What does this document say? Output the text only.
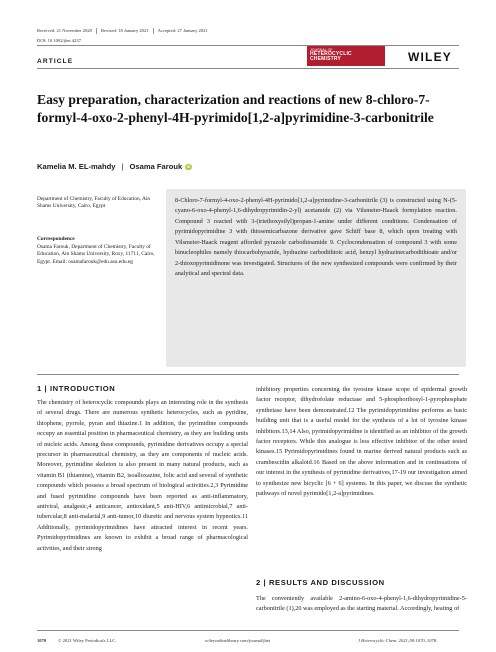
Received: 21 November 2020 Revised: 18 January 2021 Accepted: 27 January 2021
DOI: 10.1002/jhet.4237
ARTICLE
JOURNAL OF
HETEROCYCLIC
CHEMISTRY	WILEY
Easy preparation, characterization and reactions of new 8-chloro-7-formyl-4-oxo-2-phenyl-4H-pyrimido[1,2-a]pyrimidine-3-carbonitrile
Kamelia M. EL-mahdy | Osama Farouk iD
Department of Chemistry, Faculty of Education, Ain Shams University, Cairo, Egypt
Correspondence
Osama Farouk, Department of Chemistry, Faculty of Education, Ain Shams University, Roxy, 11711, Cairo, Egypt. Email: osamafarouk@edu.asu.edu.eg
8-Chloro-7-formyl-4-oxo-2-phenyl-4H-pyrimido[1,2-a]pyrimidine-3-carbonitrile (3) is constructed using N-(5-cyano-6-oxo-4-phenyl-1,6-dihydropyrimidin-2-yl) acetamide (2) via Vilsmeier-Haack formylation reaction. Compound 3 reacted with 3-(triethoxysilyl)propan-1-amine under different conditions. Condensation of pyrimidopyrimidine 3 with thiosemicarbazone derivative gave Schiff base 8, which upon treating with Vilsmeier-Haack reagent afforded pyrazole carbothioamide 9. Cyclocondensation of compound 3 with some binucleophiles namely thiocarbohyrazide, hydrazine carbodithioic acid, benzyl hydrazinecarbodithioate and/or 2-thioxopyrimidinone was investigated. Structures of the new synthesized compounds were confirmed by their analytical and spectral data.
1 | INTRODUCTION
The chemistry of heterocyclic compounds plays an interesting role in the synthesis of several drugs. There are numerous synthetic heterocycles, such as pyridine, thiophene, pyrrole, pyran and thiazine.1 In addition, the pyrimidine compounds occupy an essential position in pharmaceutical chemistry, as they are building units of nucleic acids. Among these compounds, pyrimidine derivatives occupy a special precursor in pharmaceutical chemistry, as they are components of nucleic acids. Moreover, pyrimidine skeleton is also present in many natural products, such as vitamin B1 (thiamine), vitamin B2, isoalloxazine, folic acid and several of synthetic compounds which possess a broad spectrum of biological activities.2,3 Pyrimidine and fused pyrimidine compounds have been reported as anti-inflammatory, antiviral, analgesic,4 anticancer, antioxidant,5 anti-HIV,6 antimicrobial,7 anti-tubercular,8 anti-malarial,9 anti-tumor,10 diuretic and nervous system hypnotics.11 Additionally, pyrimidopyrimidines have attracted interest in recent years. Pyrimidopyrimidines are known to exhibit a broad range of pharmacological activities, and their strong
inhibitory properties concerning the tyrosine kinase scope of epidermal growth factor receptor, dihydrofolate reductase and 5-phosphoribosyl-1-pyrophosphate synthetase have been demonstrated.12 The pyrimidopyrimidine performs as basic building unit that is a useful model for the synthesis of a lot of tyrosine kinase inhibitors.13,14 Also, pyrimidopyrimidine is identified as an inhibitor of the growth factor receptors. While this analogue is less effective inhibitor of the other tested kinases.15 Pyrimidopyrimidines found in marine derived natural products such as crambescidin alkaloid.16 Based on the above information and in continuations of our interest in the synthesis of pyrimidine derivatives,17-19 our investigation aimed to synthesize new bicyclic [6 + 6] systems. In this paper, we discuss the synthetic pathways of novel pyrimido[1,2-a]pyrimidines.
2 | RESULTS AND DISCUSSION
The conveniently available 2-amino-6-oxo-4-phenyl-1,6-dihydropyrimidine-5-carbonitrile (1),20 was employed as the starting material. Accordingly, heating of
1070	© 2021 Wiley Periodicals LLC.	wileyonlinelibrary.com/journal/jhet	J Heterocyclic Chem. 2021;58:1070–1078.
